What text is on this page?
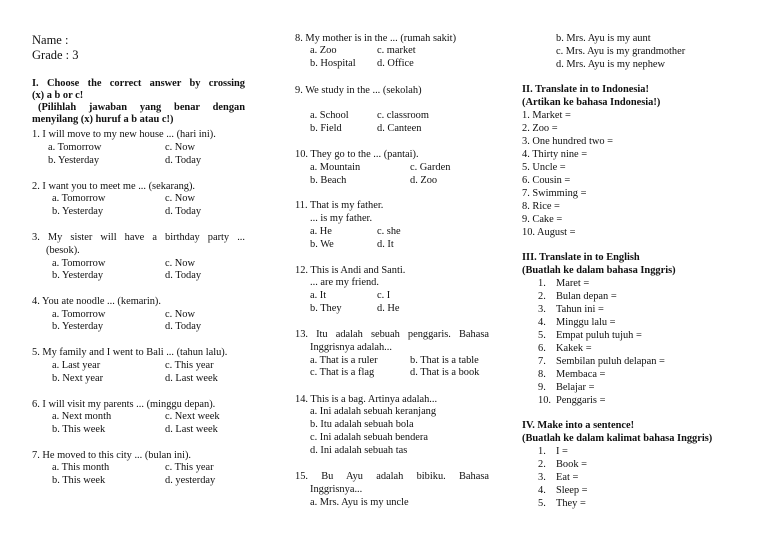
Name :
Grade : 3
I. Choose the correct answer by crossing
(x) a b or c!
(Pilihlah jawaban yang benar dengan
menyilang (x) huruf a b atau c!)
1. I will move to my new house ... (hari ini).
a. Tomorrow	c. Now
b. Yesterday	d. Today
2. I want you to meet me ... (sekarang).
a. Tomorrow	c. Now
b. Yesterday	d. Today
3. My sister will have a birthday party ...
(besok).
a. Tomorrow	c. Now
b. Yesterday	d. Today
4. You ate noodle ... (kemarin).
a. Tomorrow	c. Now
b. Yesterday	d. Today
5. My family and I went to Bali ... (tahun lalu).
a. Last year	c. This year
b. Next year	d. Last week
6. I will visit my parents ... (minggu depan).
a. Next month	c. Next week
b. This week	d. Last week
7. He moved to this city ... (bulan ini).
a. This month	c. This year
b. This week	d. yesterday
8. My mother is in the ... (rumah sakit)
a. Zoo	c. market
b. Hospital d. Office
9. We study in the ... (sekolah)
a. School	c. classroom
b. Field	d. Canteen
10. They go to the ... (pantai).
a. Mountain	c. Garden
b. Beach	d. Zoo
11. That is my father.
... is my father.
a. He	c. she
b. We	d. It
12. This is Andi and Santi.
... are my friend.
a. It	c. I
b. They	d. He
13. Itu adalah sebuah penggaris. Bahasa
Inggrisnya adalah...
a. That is a ruler	b. That is a table
c. That is a flag	d. That is a book
14. This is a bag. Artinya adalah...
a. Ini adalah sebuah keranjang
b. Itu adalah sebuah bola
c. Ini adalah sebuah bendera
d. Ini adalah sebuah tas
15. Bu Ayu adalah bibiku. Bahasa
Inggrisnya...
a. Mrs. Ayu is my uncle
b. Mrs. Ayu is my aunt
c. Mrs. Ayu is my grandmother
d. Mrs. Ayu is my nephew
II. Translate in to Indonesia!
(Artikan ke bahasa Indonesia!)
1. Market =
2. Zoo =
3. One hundred two =
4. Thirty nine =
5. Uncle =
6. Cousin =
7. Swimming =
8. Rice =
9. Cake =
10. August =
III. Translate in to English
(Buatlah ke dalam bahasa Inggris)
1. Maret =
2. Bulan depan =
3. Tahun ini =
4. Minggu lalu =
5. Empat puluh tujuh =
6. Kakek =
7. Sembilan puluh delapan =
8. Membaca =
9. Belajar =
10. Penggaris =
IV. Make into a sentence!
(Buatlah ke dalam kalimat bahasa Inggris)
1. I =
2. Book =
3. Eat =
4. Sleep =
5. They =
